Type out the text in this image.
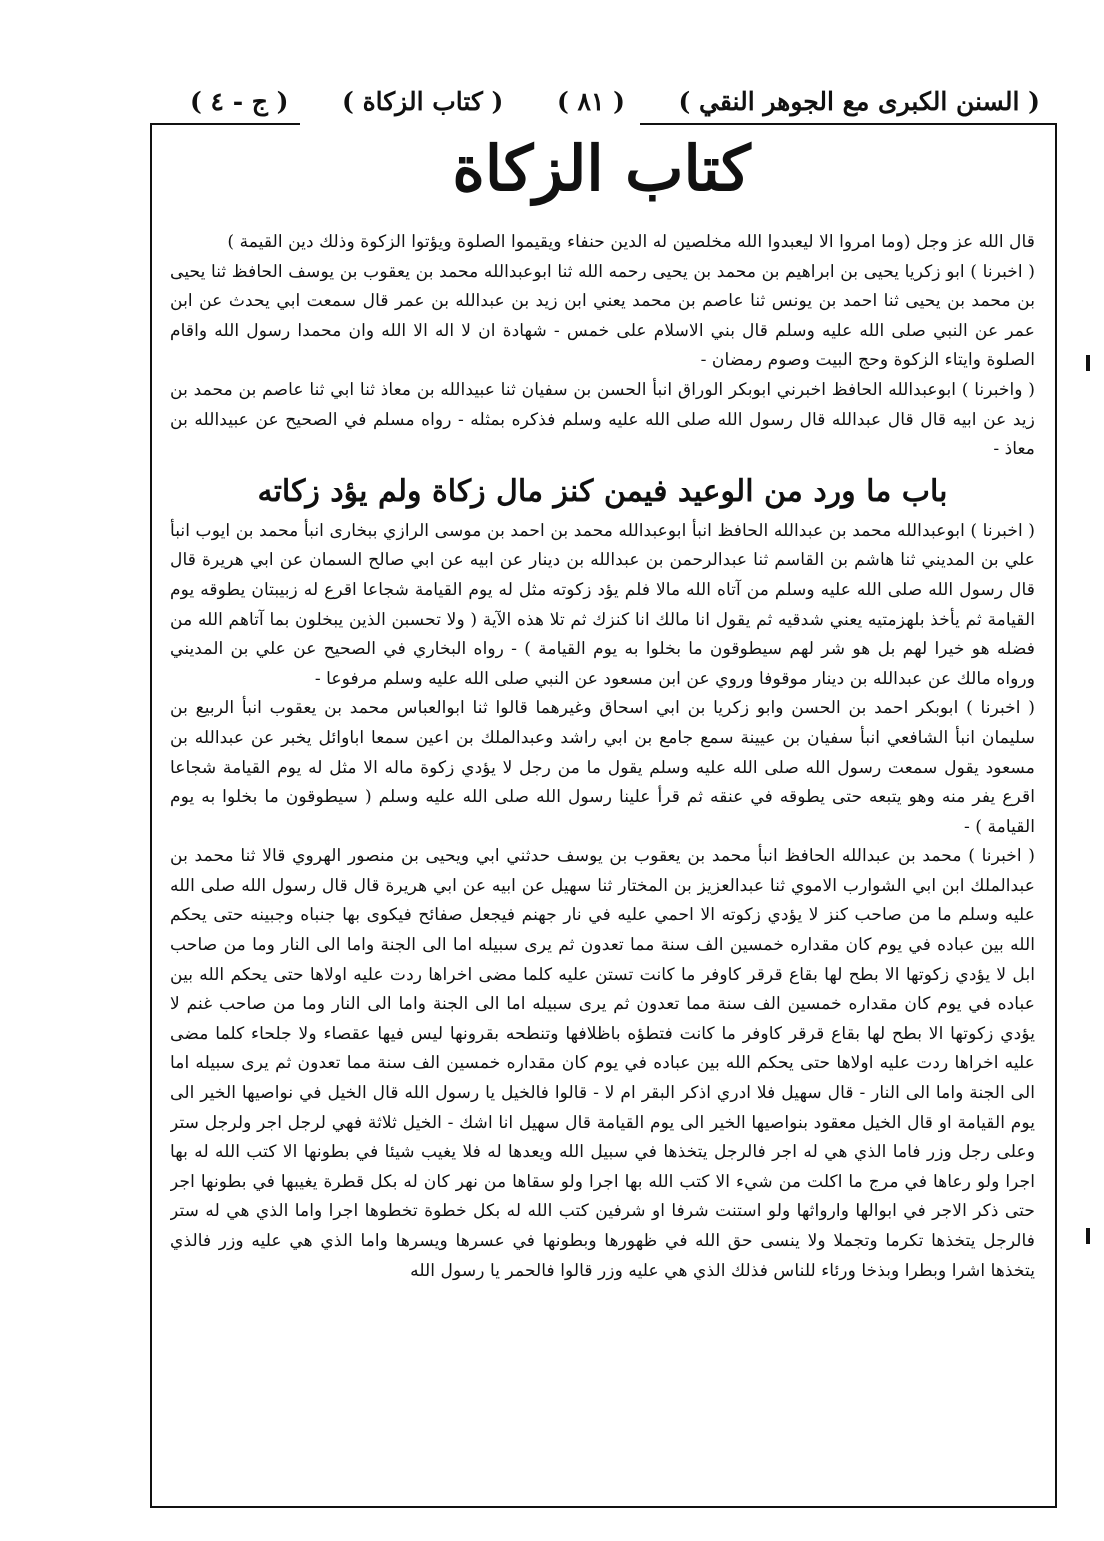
( السنن الكبرى مع الجوهر النقي )
( ٨١ )
( كتاب الزكاة )
( ج - ٤ )
كتاب الزكاة

قال الله عز وجل (وما امروا الا ليعبدوا الله مخلصين له الدين حنفاء ويقيموا الصلوة ويؤتوا الزكوة وذلك دين القيمة )

( اخبرنا ) ابو زكريا يحيى بن ابراهيم بن محمد بن يحيى رحمه الله ثنا ابوعبدالله محمد بن يعقوب بن يوسف الحافظ ثنا يحيى بن محمد بن يحيى ثنا احمد بن يونس ثنا عاصم بن محمد يعني ابن زيد بن عبدالله بن عمر قال سمعت ابي يحدث عن ابن عمر عن النبي صلى الله عليه وسلم قال بني الاسلام على خمس - شهادة ان لا اله الا الله وان محمدا رسول الله واقام الصلوة وايتاء الزكوة وحج البيت وصوم رمضان -

( واخبرنا ) ابوعبدالله الحافظ اخبرني ابوبكر الوراق انبأ الحسن بن سفيان ثنا عبيدالله بن معاذ ثنا ابي ثنا عاصم بن محمد بن زيد عن ابيه قال قال عبدالله قال رسول الله صلى الله عليه وسلم فذكره بمثله - رواه مسلم في الصحيح عن عبيدالله بن معاذ -

باب ما ورد من الوعيد فيمن كنز مال زكاة ولم يؤد زكاته

( اخبرنا ) ابوعبدالله محمد بن عبدالله الحافظ انبأ ابوعبدالله محمد بن احمد بن موسى الرازي ببخارى انبأ محمد بن ايوب انبأ علي بن المديني ثنا هاشم بن القاسم ثنا عبدالرحمن بن عبدالله بن دينار عن ابيه عن ابي صالح السمان عن ابي هريرة قال قال رسول الله صلى الله عليه وسلم من آتاه الله مالا فلم يؤد زكوته مثل له يوم القيامة شجاعا اقرع له زبيبتان يطوقه يوم القيامة ثم يأخذ بلهزمتيه يعني شدقيه ثم يقول انا مالك انا كنزك ثم تلا هذه الآية ( ولا تحسبن الذين يبخلون بما آتاهم الله من فضله هو خيرا لهم بل هو شر لهم سيطوقون ما بخلوا به يوم القيامة ) - رواه البخاري في الصحيح عن علي بن المديني ورواه مالك عن عبدالله بن دينار موقوفا وروي عن ابن مسعود عن النبي صلى الله عليه وسلم مرفوعا -

( اخبرنا ) ابوبكر احمد بن الحسن وابو زكريا بن ابي اسحاق وغيرهما قالوا ثنا ابوالعباس محمد بن يعقوب انبأ الربيع بن سليمان انبأ الشافعي انبأ سفيان بن عيينة سمع جامع بن ابي راشد وعبدالملك بن اعين سمعا اباوائل يخبر عن عبدالله بن مسعود يقول سمعت رسول الله صلى الله عليه وسلم يقول ما من رجل لا يؤدي زكوة ماله الا مثل له يوم القيامة شجاعا اقرع يفر منه وهو يتبعه حتى يطوقه في عنقه ثم قرأ علينا رسول الله صلى الله عليه وسلم ( سيطوقون ما بخلوا به يوم القيامة ) -

( اخبرنا ) محمد بن عبدالله الحافظ انبأ محمد بن يعقوب بن يوسف حدثني ابي ويحيى بن منصور الهروي قالا ثنا محمد بن عبدالملك ابن ابي الشوارب الاموي ثنا عبدالعزيز بن المختار ثنا سهيل عن ابيه عن ابي هريرة قال قال رسول الله صلى الله عليه وسلم ما من صاحب كنز لا يؤدي زكوته الا احمي عليه في نار جهنم فيجعل صفائح فيكوى بها جنباه وجبينه حتى يحكم الله بين عباده في يوم كان مقداره خمسين الف سنة مما تعدون ثم يرى سبيله اما الى الجنة واما الى النار وما من صاحب ابل لا يؤدي زكوتها الا بطح لها بقاع قرقر كاوفر ما كانت تستن عليه كلما مضى اخراها ردت عليه اولاها حتى يحكم الله بين عباده في يوم كان مقداره خمسين الف سنة مما تعدون ثم يرى سبيله اما الى الجنة واما الى النار وما من صاحب غنم لا يؤدي زكوتها الا بطح لها بقاع قرقر كاوفر ما كانت فتطؤه باظلافها وتنطحه بقرونها ليس فيها عقصاء ولا جلحاء كلما مضى عليه اخراها ردت عليه اولاها حتى يحكم الله بين عباده في يوم كان مقداره خمسين الف سنة مما تعدون ثم يرى سبيله اما الى الجنة واما الى النار - قال سهيل فلا ادري اذكر البقر ام لا - قالوا فالخيل يا رسول الله قال الخيل في نواصيها الخير الى يوم القيامة او قال الخيل معقود بنواصيها الخير الى يوم القيامة قال سهيل انا اشك - الخيل ثلاثة فهي لرجل اجر ولرجل ستر وعلى رجل وزر فاما الذي هي له اجر فالرجل يتخذها في سبيل الله ويعدها له فلا يغيب شيئا في بطونها الا كتب الله له بها اجرا ولو رعاها في مرج ما اكلت من شيء الا كتب الله بها اجرا ولو سقاها من نهر كان له بكل قطرة يغيبها في بطونها اجر حتى ذكر الاجر في ابوالها وارواثها ولو استنت شرفا او شرفين كتب الله له بكل خطوة تخطوها اجرا واما الذي هي له ستر فالرجل يتخذها تكرما وتجملا ولا ينسى حق الله في ظهورها وبطونها في عسرها ويسرها واما الذي هي عليه وزر فالذي يتخذها اشرا وبطرا وبذخا ورئاء للناس فذلك الذي هي عليه وزر قالوا فالحمر يا رسول الله
